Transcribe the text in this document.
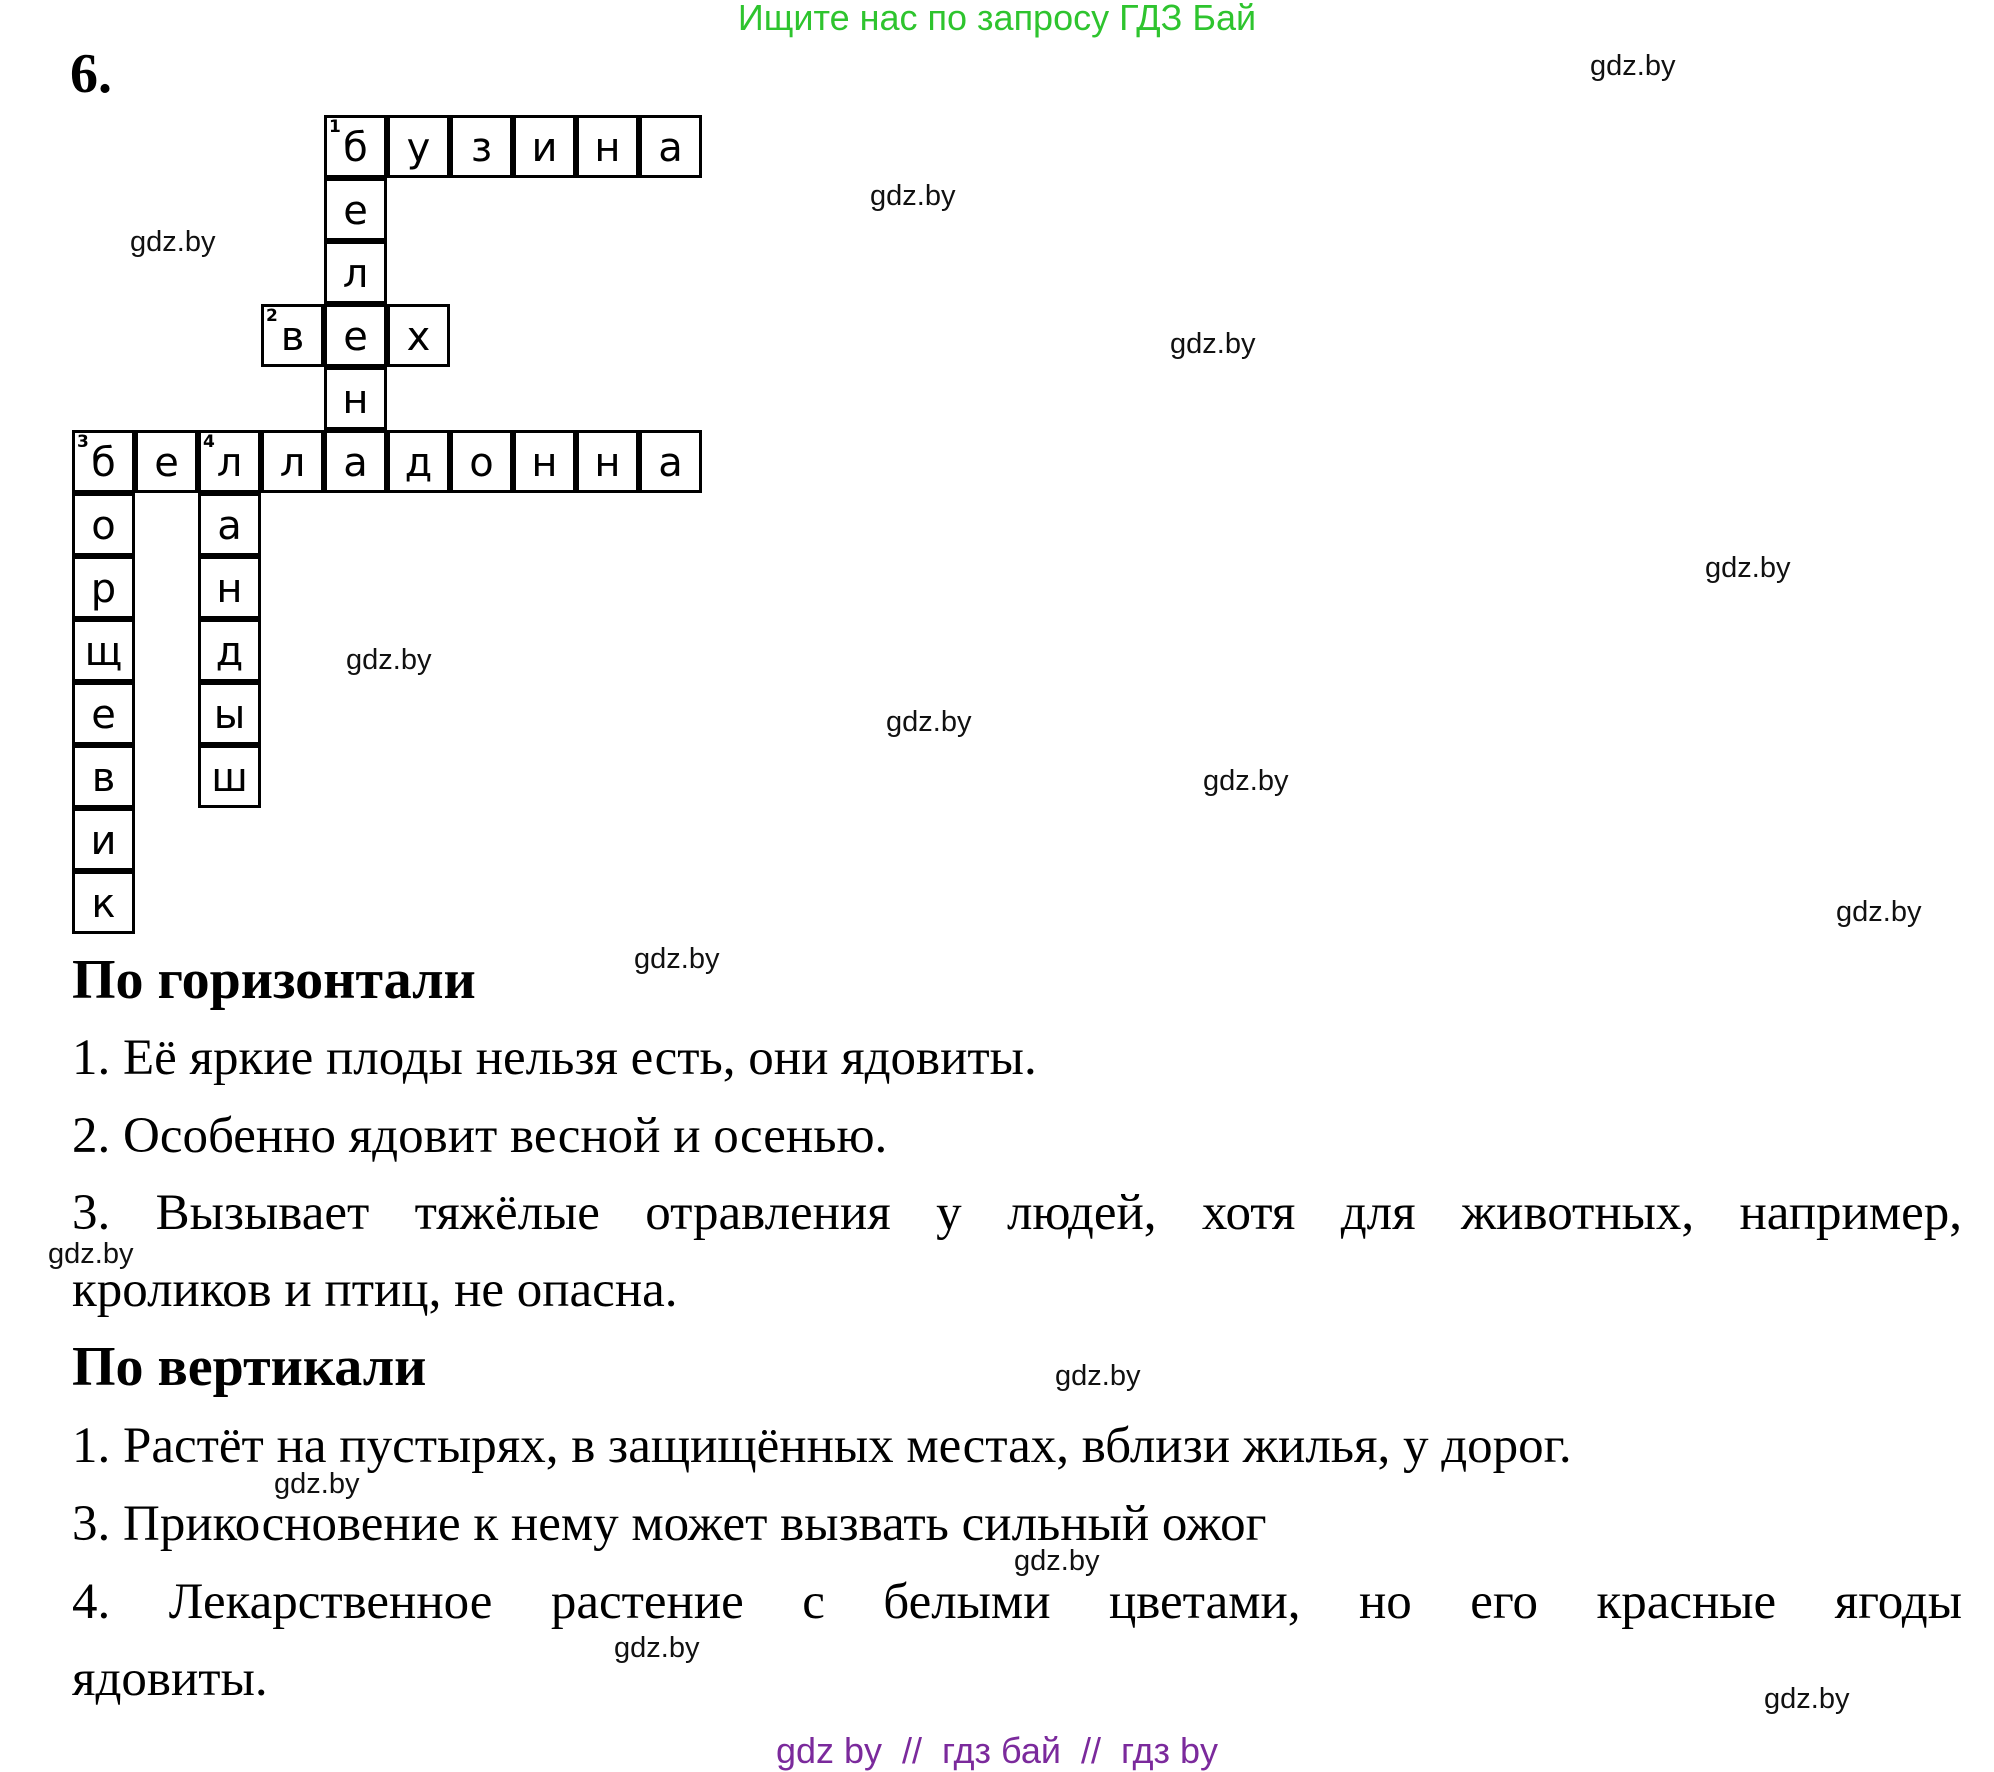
Ищите нас по запросу ГДЗ Бай
6.	gdz.by
gdz.by
gdz.by
gdz.by
gdz.by
gdz.by
gdz.by
gdz.by
gdz.by
gdz.by
gdz.by
gdz.by
gdz.by
gdz.by
gdz.by
gdz.by
1 б у	з и н а
е
л
2 в е х
н
3 б е	4 л л а д о н н а
о	а
р	н
щ	д
е	ы
в	ш
и
к
По горизонтали
1. Её яркие плоды нельзя есть, они ядовиты.
2. Особенно ядовит весной и осенью.
3. Вызывает тяжёлые отравления у людей, хотя для животных, например,
кроликов и птиц, не опасна.
По вертикали
1. Растёт на пустырях, в защищённых местах, вблизи жилья, у дорог.
3. Прикосновение к нему может вызвать сильный ожог
4. Лекарственное растение с белыми цветами, но его красные ягоды
ядовиты.
gdz by  //  гдз бай  //  гдз by
